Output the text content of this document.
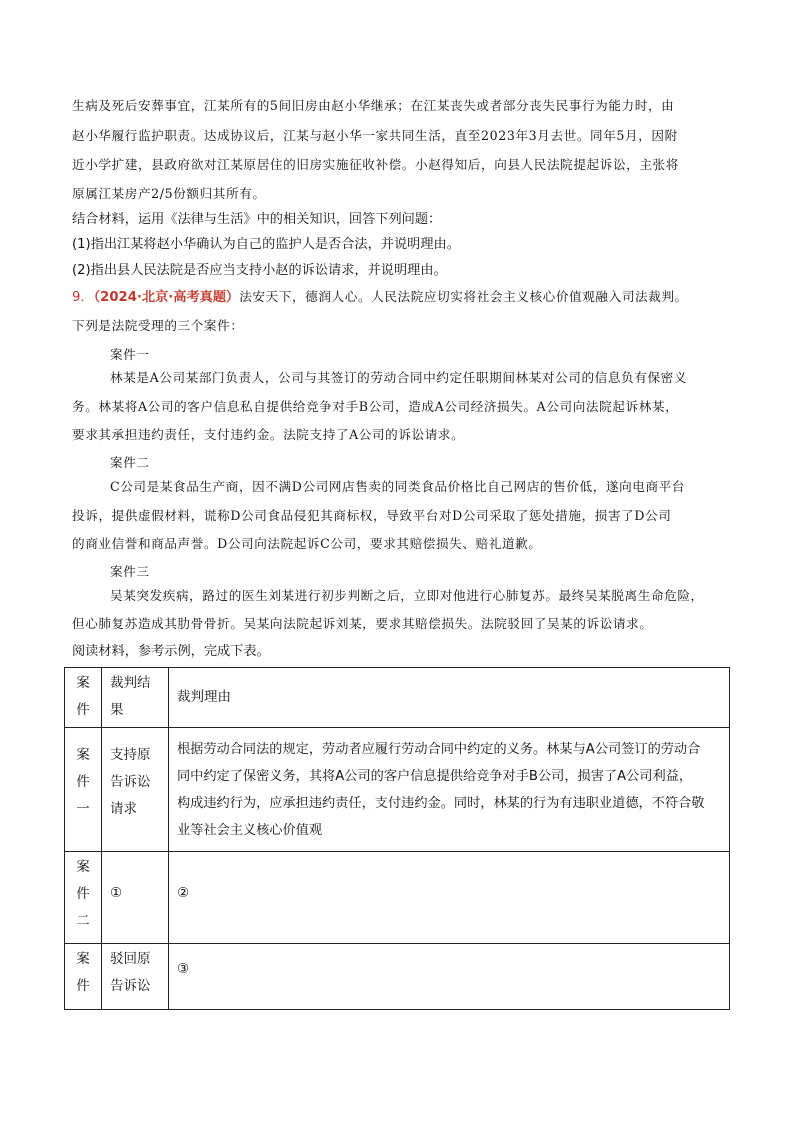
生病及死后安葬事宜，江某所有的5间旧房由赵小华继承；在江某丧失或者部分丧失民事行为能力时，由
赵小华履行监护职责。达成协议后，江某与赵小华一家共同生活，直至2023年3月去世。同年5月，因附
近小学扩建，县政府欲对江某原居住的旧房实施征收补偿。小赵得知后，向县人民法院提起诉讼，主张将
原属江某房产2/5份额归其所有。
结合材料，运用《法律与生活》中的相关知识，回答下列问题：
(1)指出江某将赵小华确认为自己的监护人是否合法，并说明理由。
(2)指出县人民法院是否应当支持小赵的诉讼请求，并说明理由。
9．（2024·北京·高考真题）法安天下，德润人心。人民法院应切实将社会主义核心价值观融入司法裁判。
下列是法院受理的三个案件：
案件一
林某是A公司某部门负责人，公司与其签订的劳动合同中约定任职期间林某对公司的信息负有保密义
务。林某将A公司的客户信息私自提供给竞争对手B公司，造成A公司经济损失。A公司向法院起诉林某，
要求其承担违约责任，支付违约金。法院支持了A公司的诉讼请求。
案件二
C公司是某食品生产商，因不满D公司网店售卖的同类食品价格比自己网店的售价低，遂向电商平台
投诉，提供虚假材料，谎称D公司食品侵犯其商标权，导致平台对D公司采取了惩处措施，损害了D公司
的商业信誉和商品声誉。D公司向法院起诉C公司，要求其赔偿损失、赔礼道歉。
案件三
吴某突发疾病，路过的医生刘某进行初步判断之后，立即对他进行心肺复苏。最终吴某脱离生命危险，
但心肺复苏造成其肋骨骨折。吴某向法院起诉刘某，要求其赔偿损失。法院驳回了吴某的诉讼请求。
阅读材料，参考示例，完成下表。
案件	裁判结果	裁判理由

案件一	支持原告诉讼请求	根据劳动合同法的规定，劳动者应履行劳动合同中约定的义务。林某与A公司签订的劳动合
同中约定了保密义务，其将A公司的客户信息提供给竞争对手B公司，损害了A公司利益，
构成违约行为，应承担违约责任，支付违约金。同时，林某的行为有违职业道德，不符合敬
业等社会主义核心价值观

案件二	①	②

案件	驳回原告诉讼	③
